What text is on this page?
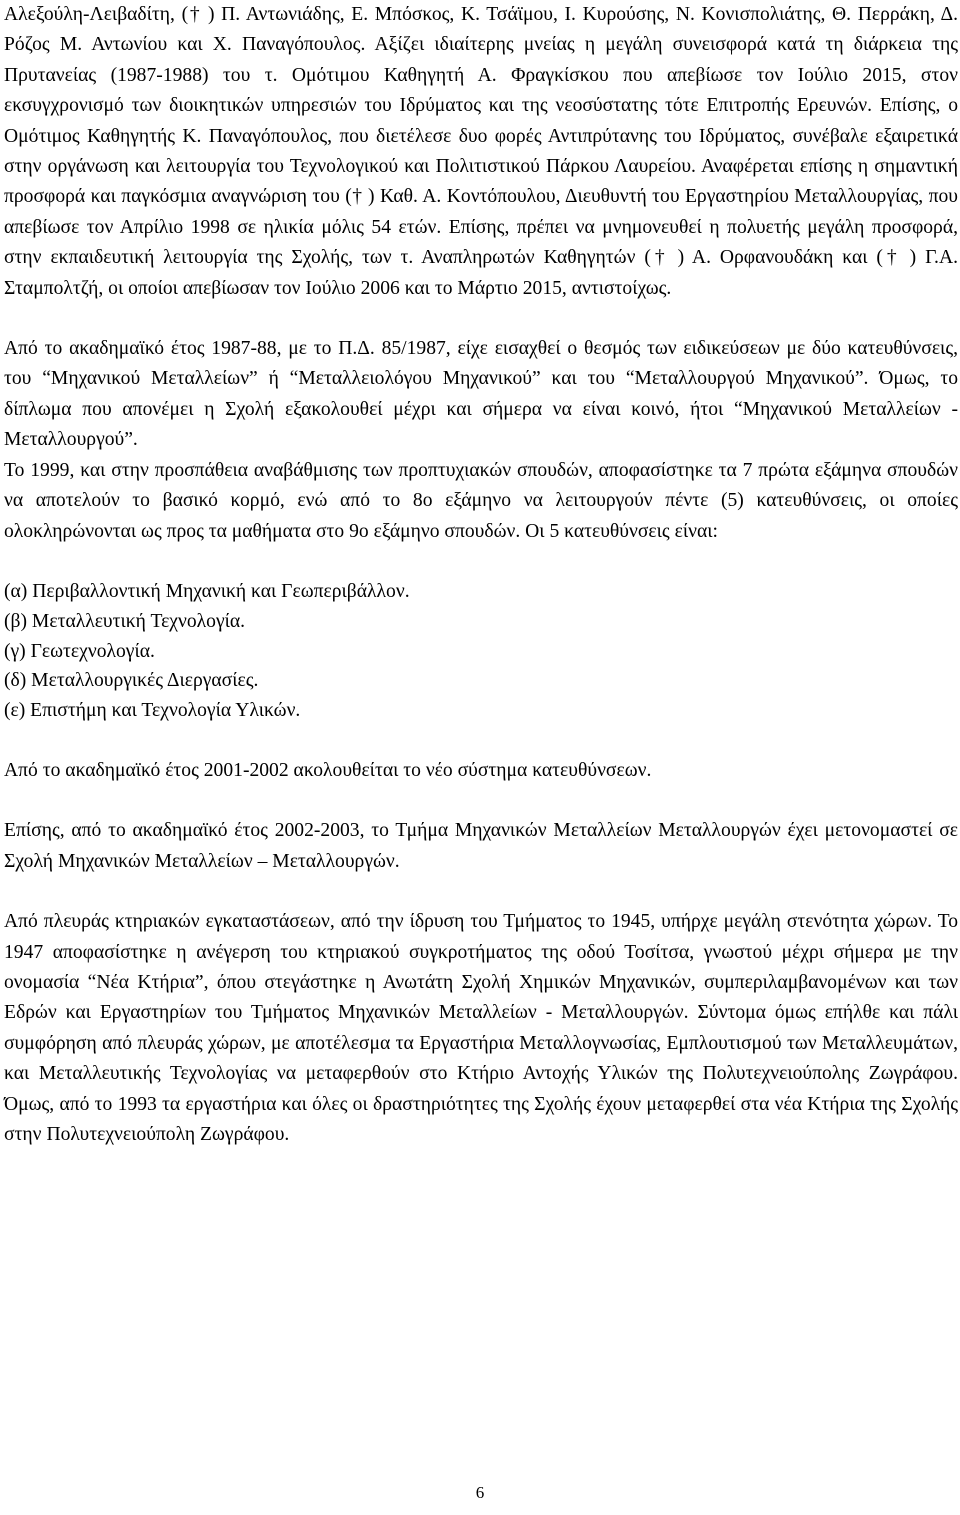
Αλεξούλη-Λειβαδίτη, († ) Π. Αντωνιάδης, Ε. Μπόσκος, Κ. Τσάϊμου, Ι. Κυρούσης, Ν. Κονισπολιάτης, Θ. Περράκη, Δ. Ρόζος Μ. Αντωνίου και Χ. Παναγόπουλος. Αξίζει ιδιαίτερης μνείας η μεγάλη συνεισφορά κατά τη διάρκεια της Πρυτανείας (1987-1988) του τ. Ομότιμου Καθηγητή Α. Φραγκίσκου που απεβίωσε τον Ιούλιο 2015, στον εκσυγχρονισμό των διοικητικών υπηρεσιών του Ιδρύματος και της νεοσύστατης τότε Επιτροπής Ερευνών. Επίσης, ο Ομότιμος Καθηγητής Κ. Παναγόπουλος, που διετέλεσε δυο φορές Αντιπρύτανης του Ιδρύματος, συνέβαλε εξαιρετικά στην οργάνωση και λειτουργία του Τεχνολογικού και Πολιτιστικού Πάρκου Λαυρείου. Αναφέρεται επίσης η σημαντική προσφορά και παγκόσμια αναγνώριση του († ) Καθ. Α. Κοντόπουλου, Διευθυντή του Εργαστηρίου Μεταλλουργίας, που απεβίωσε τον Απρίλιο 1998 σε ηλικία μόλις 54 ετών. Επίσης, πρέπει να μνημονευθεί η πολυετής μεγάλη προσφορά, στην εκπαιδευτική λειτουργία της Σχολής, των τ. Αναπληρωτών Καθηγητών († ) Α. Ορφανουδάκη και († ) Γ.Α. Σταμπολτζή, οι οποίοι απεβίωσαν τον Ιούλιο 2006 και το Μάρτιο 2015, αντιστοίχως.

Από το ακαδημαϊκό έτος 1987-88, με το Π.Δ. 85/1987, είχε εισαχθεί ο θεσμός των ειδικεύσεων με δύο κατευθύνσεις, του “Μηχανικού Μεταλλείων” ή “Μεταλλειολόγου Μηχανικού” και του “Μεταλλουργού Μηχανικού”. Όμως, το δίπλωμα που απονέμει η Σχολή εξακολουθεί μέχρι και σήμερα να είναι κοινό, ήτοι “Μηχανικού Μεταλλείων - Μεταλλουργού”.

Το 1999, και στην προσπάθεια αναβάθμισης των προπτυχιακών σπουδών, αποφασίστηκε τα 7 πρώτα εξάμηνα σπουδών να αποτελούν το βασικό κορμό, ενώ από το 8ο εξάμηνο να λειτουργούν πέντε (5) κατευθύνσεις, οι οποίες ολοκληρώνονται ως προς τα μαθήματα στο 9ο εξάμηνο σπουδών. Οι 5 κατευθύνσεις είναι:

(α) Περιβαλλοντική Μηχανική και Γεωπεριβάλλον.
(β) Μεταλλευτική Τεχνολογία.
(γ) Γεωτεχνολογία.
(δ) Μεταλλουργικές Διεργασίες.
(ε) Επιστήμη και Τεχνολογία Υλικών.

Από το ακαδημαϊκό έτος 2001-2002 ακολουθείται το νέο σύστημα κατευθύνσεων.

Επίσης, από το ακαδημαϊκό έτος 2002-2003, το Τμήμα Μηχανικών Μεταλλείων Μεταλλουργών έχει μετονομαστεί σε Σχολή Μηχανικών Μεταλλείων – Μεταλλουργών.

Από πλευράς κτηριακών εγκαταστάσεων, από την ίδρυση του Τμήματος το 1945, υπήρχε μεγάλη στενότητα χώρων. Το 1947 αποφασίστηκε η ανέγερση του κτηριακού συγκροτήματος της οδού Τοσίτσα, γνωστού μέχρι σήμερα με την ονομασία “Νέα Κτήρια”, όπου στεγάστηκε η Ανωτάτη Σχολή Χημικών Μηχανικών, συμπεριλαμβανομένων και των Εδρών και Εργαστηρίων του Τμήματος Μηχανικών Μεταλλείων - Μεταλλουργών. Σύντομα όμως επήλθε και πάλι συμφόρηση από πλευράς χώρων, με αποτέλεσμα τα Εργαστήρια Μεταλλογνωσίας, Εμπλουτισμού των Μεταλλευμάτων, και Μεταλλευτικής Τεχνολογίας να μεταφερθούν στο Κτήριο Αντοχής Υλικών της Πολυτεχνειούπολης Ζωγράφου. Όμως, από το 1993 τα εργαστήρια και όλες οι δραστηριότητες της Σχολής έχουν μεταφερθεί στα νέα Κτήρια της Σχολής στην Πολυτεχνειούπολη Ζωγράφου.

6
